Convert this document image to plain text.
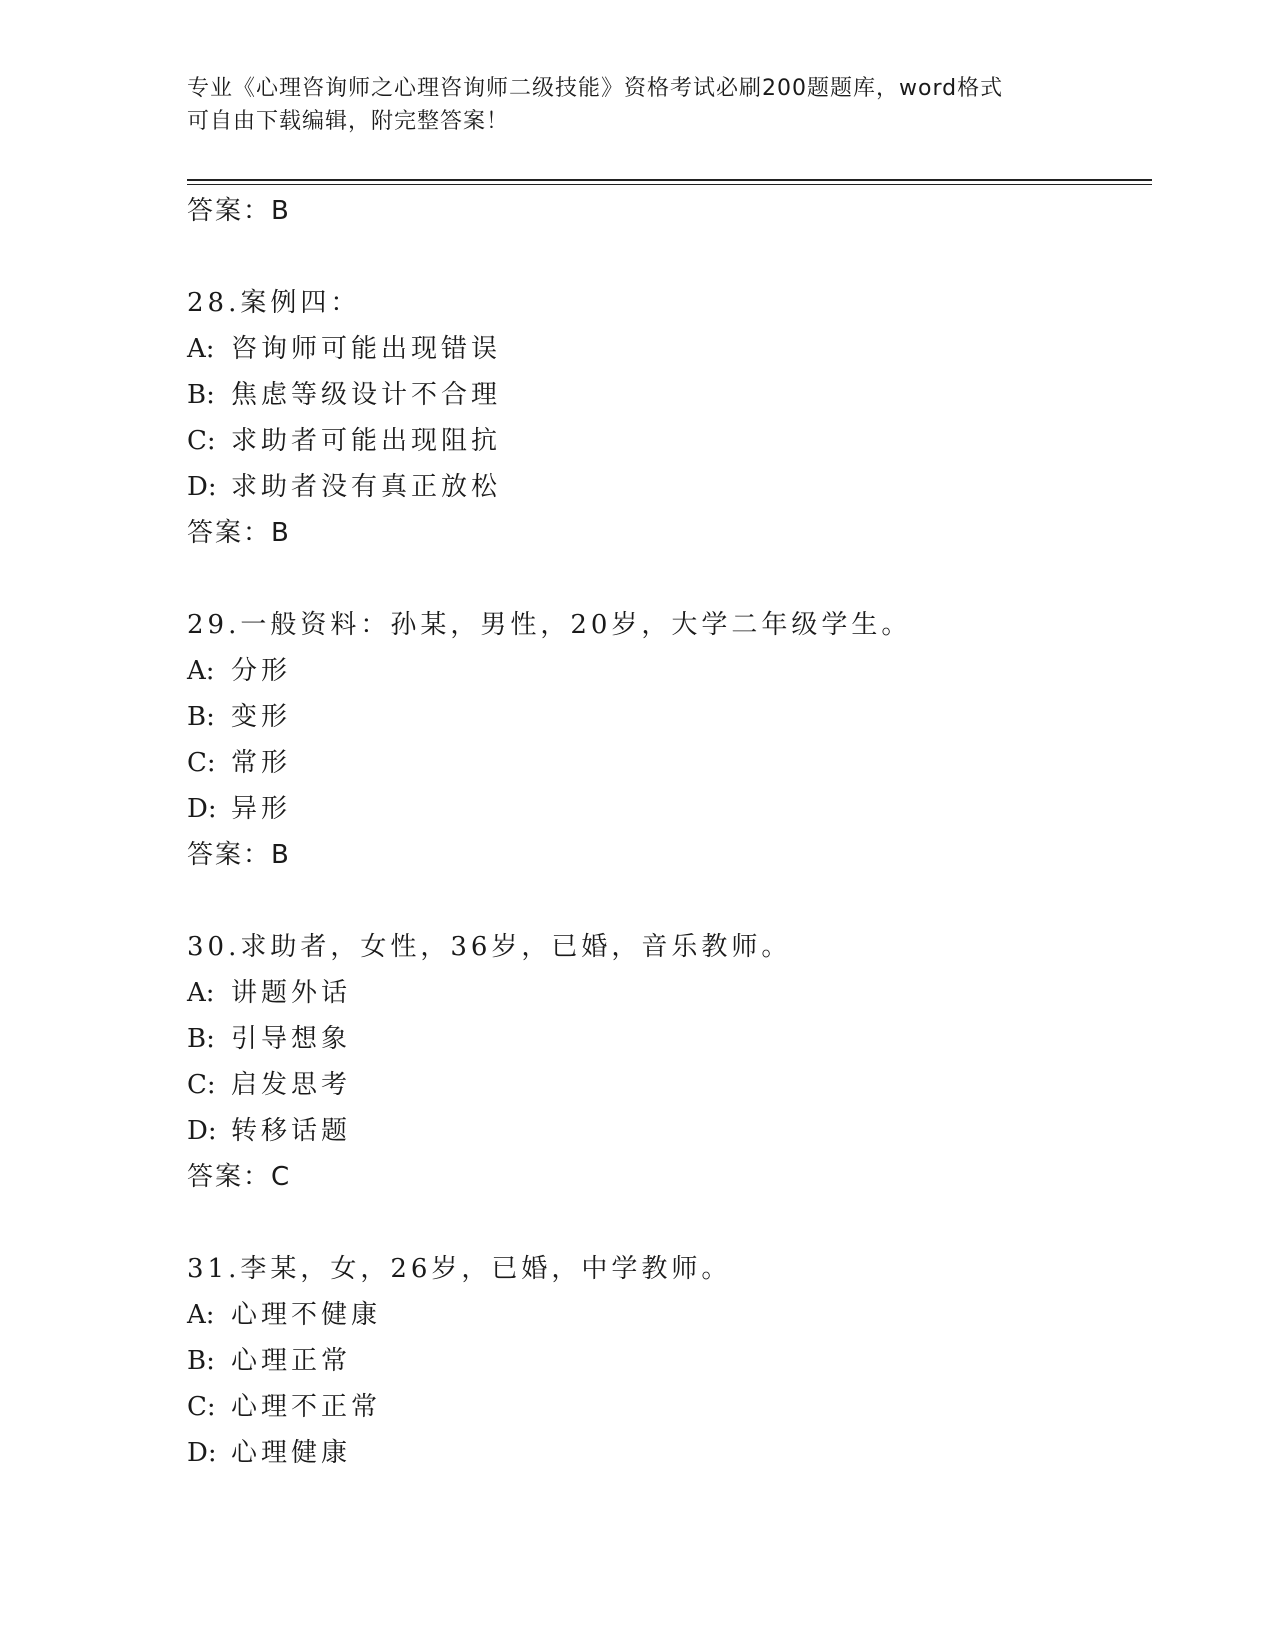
专业《心理咨询师之心理咨询师二级技能》资格考试必刷200题题库，word格式
可自由下载编辑，附完整答案！
答案：B
28.案例四：
A: 咨询师可能出现错误
B: 焦虑等级设计不合理
C: 求助者可能出现阻抗
D: 求助者没有真正放松
答案：B
29.一般资料：孙某，男性，20岁，大学二年级学生。
A: 分形
B: 变形
C: 常形
D: 异形
答案：B
30.求助者，女性，36岁，已婚，音乐教师。
A: 讲题外话
B: 引导想象
C: 启发思考
D: 转移话题
答案：C
31.李某，女，26岁，已婚，中学教师。
A: 心理不健康
B: 心理正常
C: 心理不正常
D: 心理健康
